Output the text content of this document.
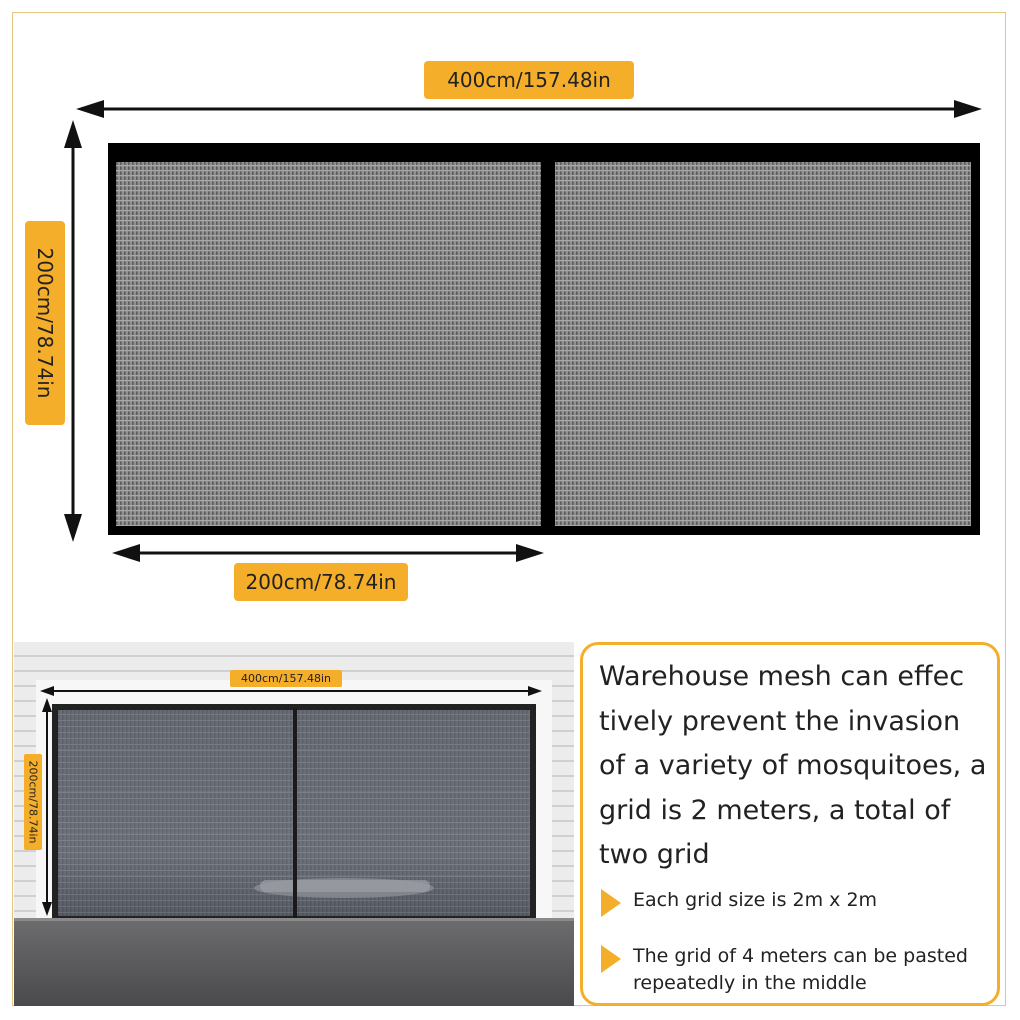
400cm/157.48in
200cm/78.74in
200cm/78.74in
400cm/157.48in
200cm/78.74in
Warehouse mesh can effec tively prevent the invasion of a variety of mosquitoes, a grid is 2 meters, a total of two grid
Each grid size is 2m x 2m
The grid of 4 meters can be pasted repeatedly in the middle
